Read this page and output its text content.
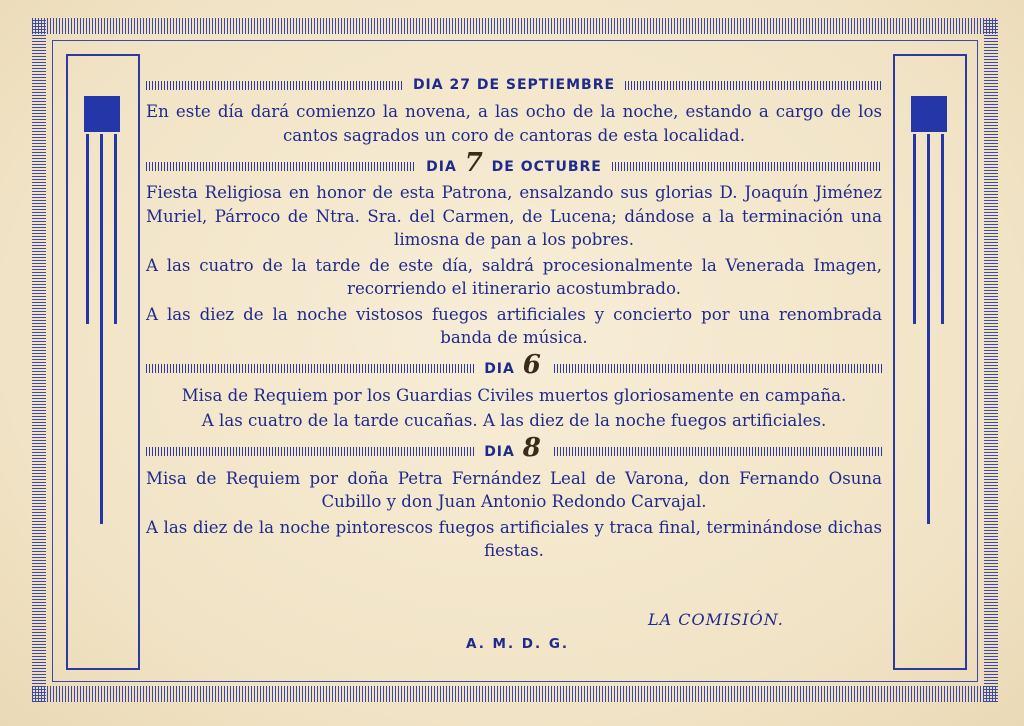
DIA 27 DE SEPTIEMBRE

En este día dará comienzo la novena, a las ocho de la noche, estando a cargo de los cantos sagrados un coro de cantoras de esta localidad.

DIA 7 DE OCTUBRE

Fiesta Religiosa en honor de esta Patrona, ensalzando sus glorias D. Joaquín Jiménez Muriel, Párroco de Ntra. Sra. del Carmen, de Lucena; dándose a la terminación una limosna de pan a los pobres.

A las cuatro de la tarde de este día, saldrá procesionalmente la Venerada Imagen, recorriendo el itinerario acostumbrado.

A las diez de la noche vistosos fuegos artificiales y concierto por una renombrada banda de música.

DIA 6

Misa de Requiem por los Guardias Civiles muertos gloriosamente en campaña.

A las cuatro de la tarde cucañas. A las diez de la noche fuegos artificiales.

DIA 8

Misa de Requiem por doña Petra Fernández Leal de Varona, don Fernando Osuna Cubillo y don Juan Antonio Redondo Carvajal.

A las diez de la noche pintorescos fuegos artificiales y traca final, terminándose dichas fiestas.

LA COMISIÓN.
A. M. D. G.
